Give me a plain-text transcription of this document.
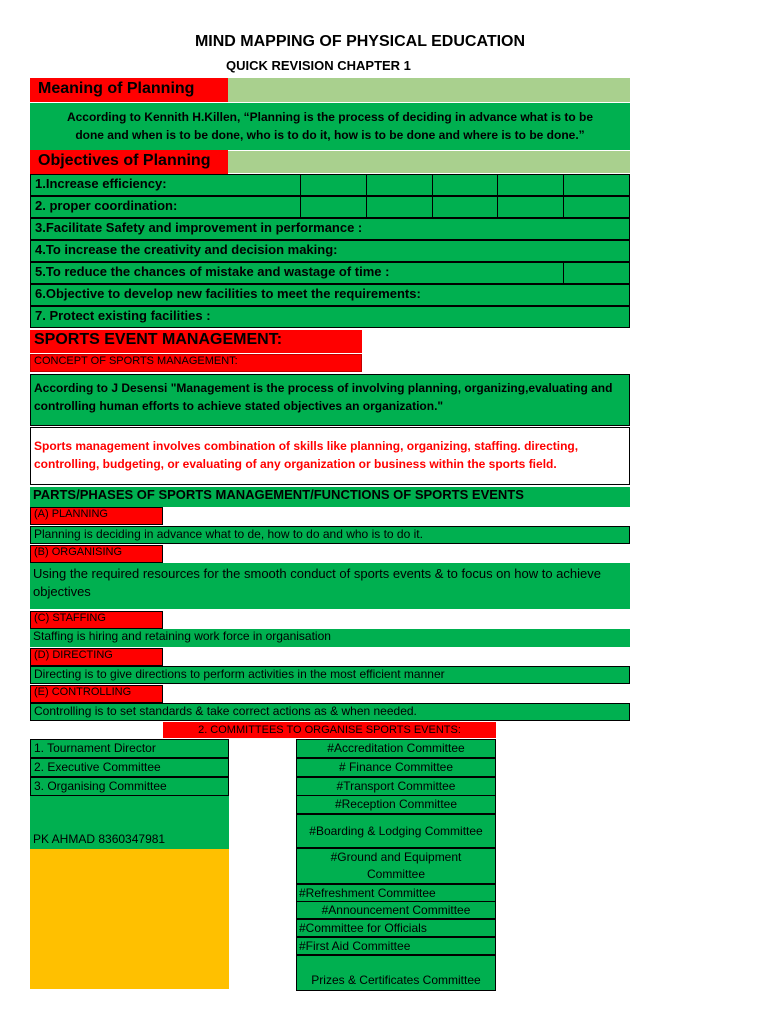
MIND MAPPING OF PHYSICAL EDUCATION
QUICK REVISION CHAPTER 1
Meaning of Planning
According to Kennith H.Killen, “Planning is the process of deciding in advance what is to be done and when is to be done, who is to do it, how is to be done and where is to be done.”
Objectives of Planning
1.Increase efficiency:
2. proper coordination:
3.Facilitate Safety and improvement in performance :
4.To increase the creativity and decision making:
5.To reduce the chances of mistake and wastage of time :
6.Objective to develop new facilities to meet the requirements:
7. Protect existing facilities :
SPORTS EVENT MANAGEMENT:
CONCEPT OF SPORTS MANAGEMENT:
According to J Desensi "Management is the process of involving planning, organizing,evaluating and controlling human efforts to achieve stated objectives an organization."
Sports management involves combination of skills like planning, organizing, staffing. directing, controlling, budgeting, or evaluating of any organization or business within the sports field.
PARTS/PHASES OF SPORTS MANAGEMENT/FUNCTIONS OF SPORTS EVENTS
(A) PLANNING
Planning is deciding in advance what to de, how to do and who is to do it.
(B) ORGANISING
Using the required resources for the smooth conduct of sports events & to focus on how to achieve objectives
(C) STAFFING
Staffing is hiring and retaining work force in organisation
(D) DIRECTING
Directing is to give directions to perform activities in the most efficient manner
(E) CONTROLLING
Controlling is to set standards & take correct actions as & when needed.
2. COMMITTEES TO ORGANISE SPORTS EVENTS:
1. Tournament Director
2. Executive Committee
3. Organising Committee
PK AHMAD 8360347981
#Accreditation Committee
# Finance Committee
#Transport Committee
#Reception Committee
#Boarding & Lodging Committee
#Ground and Equipment Committee
#Refreshment Committee
#Announcement Committee
#Committee for Officials
#First Aid Committee
Prizes & Certificates Committee
